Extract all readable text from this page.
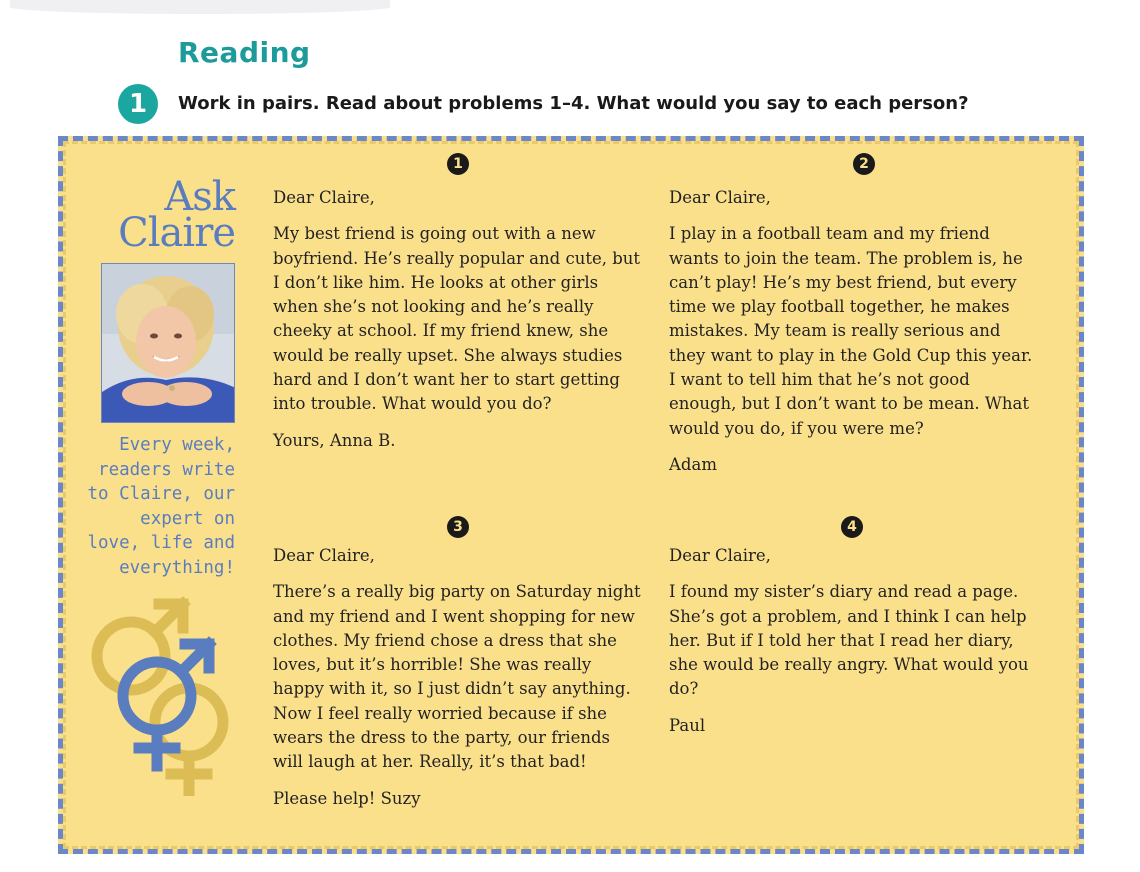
Reading
1	Work in pairs. Read about problems 1–4. What would you say to each person?
Ask
Claire
Every week, readers write to Claire, our expert on love, life and everything!
1

Dear Claire,

My best friend is going out with a new boyfriend. He’s really popular and cute, but I don’t like him. He looks at other girls when she’s not looking and he’s really cheeky at school. If my friend knew, she would be really upset. She always studies hard and I don’t want her to start getting into trouble. What would you do?

Yours, Anna B.

2

Dear Claire,

I play in a football team and my friend wants to join the team. The problem is, he can’t play! He’s my best friend, but every time we play football together, he makes mistakes. My team is really serious and they want to play in the Gold Cup this year. I want to tell him that he’s not good enough, but I don’t want to be mean. What would you do, if you were me?

Adam

3

Dear Claire,

There’s a really big party on Saturday night and my friend and I went shopping for new clothes. My friend chose a dress that she loves, but it’s horrible! She was really happy with it, so I just didn’t say anything. Now I feel really worried because if she wears the dress to the party, our friends will laugh at her. Really, it’s that bad!

Please help! Suzy

4

Dear Claire,

I found my sister’s diary and read a page. She’s got a problem, and I think I can help her. But if I told her that I read her diary, she would be really angry. What would you do?

Paul
